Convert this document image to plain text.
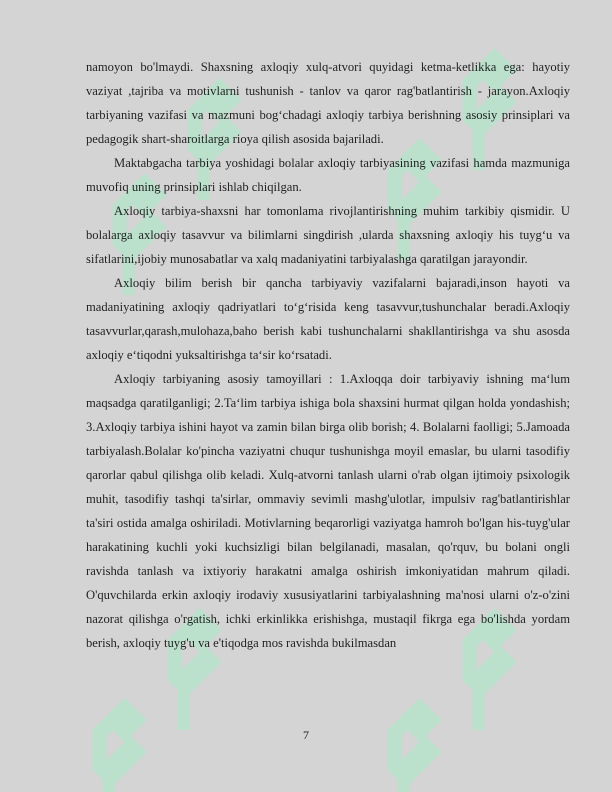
namoyon bo'lmaydi. Shaxsning axloqiy xulq-atvori quyidagi ketma-ketlikka ega: hayotiy vaziyat ,tajriba va motivlarni tushunish - tanlov va qaror rag'batlantirish - jarayon.Axloqiy tarbiyaning vazifasi va mazmuni bog‘chadagi axloqiy tarbiya berishning asosiy prinsiplari va pedagogik shart-sharoitlarga rioya qilish asosida bajariladi.

Maktabgacha tarbiya yoshidagi bolalar axloqiy tarbiyasining vazifasi hamda mazmuniga muvofiq uning prinsiplari ishlab chiqilgan.

Axloqiy tarbiya-shaxsni har tomonlama rivojlantirishning muhim tarkibiy qismidir. U bolalarga axloqiy tasavvur va bilimlarni singdirish ,ularda shaxsning axloqiy his tuyg‘u va sifatlarini,ijobiy munosabatlar va xalq madaniyatini tarbiyalashga qaratilgan jarayondir.

Axloqiy bilim berish bir qancha tarbiyaviy vazifalarni bajaradi,inson hayoti va madaniyatining axloqiy qadriyatlari to‘g‘risida keng tasavvur,tushunchalar beradi.Axloqiy tasavvurlar,qarash,mulohaza,baho berish kabi tushunchalarni shakllantirishga va shu asosda axloqiy e‘tiqodni yuksaltirishga ta‘sir ko‘rsatadi.

Axloqiy tarbiyaning asosiy tamoyillari : 1.Axloqqa doir tarbiyaviy ishning ma‘lum maqsadga qaratilganligi; 2.Ta‘lim tarbiya ishiga bola shaxsini hurmat qilgan holda yondashish; 3.Axloqiy tarbiya ishini hayot va zamin bilan birga olib borish; 4. Bolalarni faolligi; 5.Jamoada tarbiyalash.Bolalar ko'pincha vaziyatni chuqur tushunishga moyil emaslar, bu ularni tasodifiy qarorlar qabul qilishga olib keladi. Xulq-atvorni tanlash ularni o'rab olgan ijtimoiy psixologik muhit, tasodifiy tashqi ta'sirlar, ommaviy sevimli mashg'ulotlar, impulsiv rag'batlantirishlar ta'siri ostida amalga oshiriladi. Motivlarning beqarorligi vaziyatga hamroh bo'lgan his-tuyg'ular harakatining kuchli yoki kuchsizligi bilan belgilanadi, masalan, qo'rquv, bu bolani ongli ravishda tanlash va ixtiyoriy harakatni amalga oshirish imkoniyatidan mahrum qiladi. O'quvchilarda erkin axloqiy irodaviy xususiyatlarini tarbiyalashning ma'nosi ularni o'z-o'zini nazorat qilishga o'rgatish, ichki erkinlikka erishishga, mustaqil fikrga ega bo'lishda yordam berish, axloqiy tuyg'u va e'tiqodga mos ravishda bukilmasdan

7
